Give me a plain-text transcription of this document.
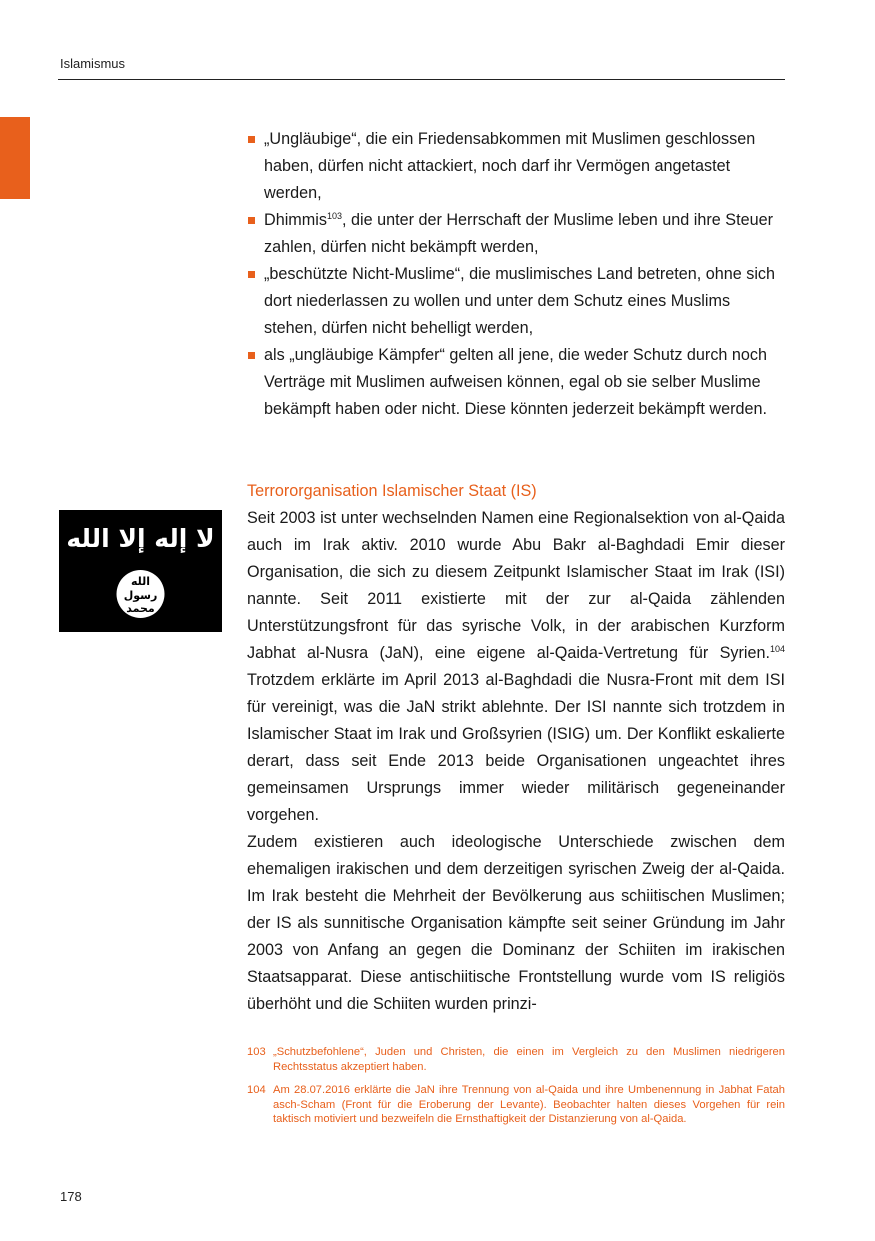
Islamismus
„Ungläubige“, die ein Friedensabkommen mit Muslimen geschlossen haben, dürfen nicht attackiert, noch darf ihr Vermögen angetastet werden,
Dhimmis$^{103}$, die unter der Herrschaft der Muslime leben und ihre Steuer zahlen, dürfen nicht bekämpft werden,
„beschützte Nicht-Muslime“, die muslimisches Land betreten, ohne sich dort niederlassen zu wollen und unter dem Schutz eines Muslims stehen, dürfen nicht behelligt werden,
als „ungläubige Kämpfer“ gelten all jene, die weder Schutz durch noch Verträge mit Muslimen aufweisen können, egal ob sie selber Muslime bekämpft haben oder nicht. Diese könnten jederzeit bekämpft werden.
Terrororganisation Islamischer Staat (IS)
لا إله إلا الله
الله
رسول
محمد

Seit 2003 ist unter wechselnden Namen eine Regionalsektion von al-Qaida auch im Irak aktiv. 2010 wurde Abu Bakr al-Baghdadi Emir dieser Organisation, die sich zu diesem Zeitpunkt Islamischer Staat im Irak (ISI) nannte. Seit 2011 existierte mit der zur al-Qaida zählenden Unterstützungsfront für das syrische Volk, in der arabischen Kurzform Jabhat al-Nusra (JaN), eine eigene al-Qaida-Vertretung für Syrien.$^{104}$ Trotzdem erklärte im April 2013 al-Baghdadi die Nusra-Front mit dem ISI für vereinigt, was die JaN strikt ablehnte. Der ISI nannte sich trotzdem in Islamischer Staat im Irak und Großsyrien (ISIG) um. Der Konflikt eskalierte derart, dass seit Ende 2013 beide Organisationen ungeachtet ihres gemeinsamen Ursprungs immer wieder militärisch gegeneinander vorgehen.

Zudem existieren auch ideologische Unterschiede zwischen dem ehemaligen irakischen und dem derzeitigen syrischen Zweig der al-Qaida. Im Irak besteht die Mehrheit der Bevölkerung aus schiitischen Muslimen; der IS als sunnitische Organisation kämpfte seit seiner Gründung im Jahr 2003 von Anfang an gegen die Dominanz der Schiiten im irakischen Staatsapparat. Diese antischiitische Frontstellung wurde vom IS religiös überhöht und die Schiiten wurden prinzi-

103 „Schutzbefohlene“, Juden und Christen, die einen im Vergleich zu den Muslimen niedrigeren Rechtsstatus akzeptiert haben.
104 Am 28.07.2016 erklärte die JaN ihre Trennung von al-Qaida und ihre Umbenennung in Jabhat Fatah asch-Scham (Front für die Eroberung der Levante). Beobachter halten dieses Vorgehen für rein taktisch motiviert und bezweifeln die Ernsthaftigkeit der Distanzierung von al-Qaida.
178
